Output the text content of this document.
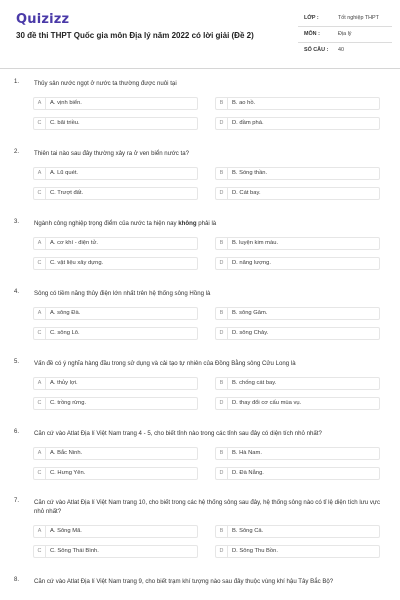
Quizizz
30 đề thi THPT Quốc gia môn Địa lý năm 2022 có lời giải (Đề 2)
LỚP :	Tốt nghiệp THPT
MÔN :	Địa lý
SỐ CÂU : 40
1. Thủy sản nước ngọt ở nước ta thường được nuôi tại
A	A. vịnh biển.	B	B. ao hồ.
C	C. bãi triều.	D	D. đầm phá.
2. Thiên tai nào sau đây thường xảy ra ở ven biển nước ta?
A	A. Lũ quét.	B	B. Sóng thần.
C	C. Trượt đất.	D	D. Cát bay.
3. Ngành công nghiệp trọng điểm của nước ta hiện nay không phải là
A	A. cơ khí - điện tử.	B	B. luyện kim màu.
C	C. vật liệu xây dựng.	D	D. năng lượng.
4. Sông có tiềm năng thủy điện lớn nhất trên hệ thống sông Hồng là
A	A. sông Đà.	B	B. sông Gâm.
C	C. sông Lô.	D	D. sông Chảy.
5. Vấn đề có ý nghĩa hàng đầu trong sử dụng và cải tạo tự nhiên của Đồng Bằng sông Cửu Long là
A	A. thủy lợi.	B	B. chống cát bay.
C	C. trồng rừng.	D	D. thay đổi cơ cấu mùa vụ.
6. Căn cứ vào Atlat Địa lí Việt Nam trang 4 - 5, cho biết tỉnh nào trong các tỉnh sau đây có diện tích nhỏ nhất?
A	A. Bắc Ninh.	B	B. Hà Nam.
C	C. Hưng Yên.	D	D. Đà Nẵng.
7. Căn cứ vào Atlat Địa lí Việt Nam trang 10, cho biết trong các hệ thống sông sau đây, hệ thống sông nào có tỉ lệ diện tích lưu vực nhỏ nhất?
A	A. Sông Mã.	B	B. Sông Cả.
C	C. Sông Thái Bình.	D	D. Sông Thu Bồn.
8. Căn cứ vào Atlat Địa lí Việt Nam trang 9, cho biết trạm khí tượng nào sau đây thuộc vùng khí hậu Tây Bắc Bộ?
